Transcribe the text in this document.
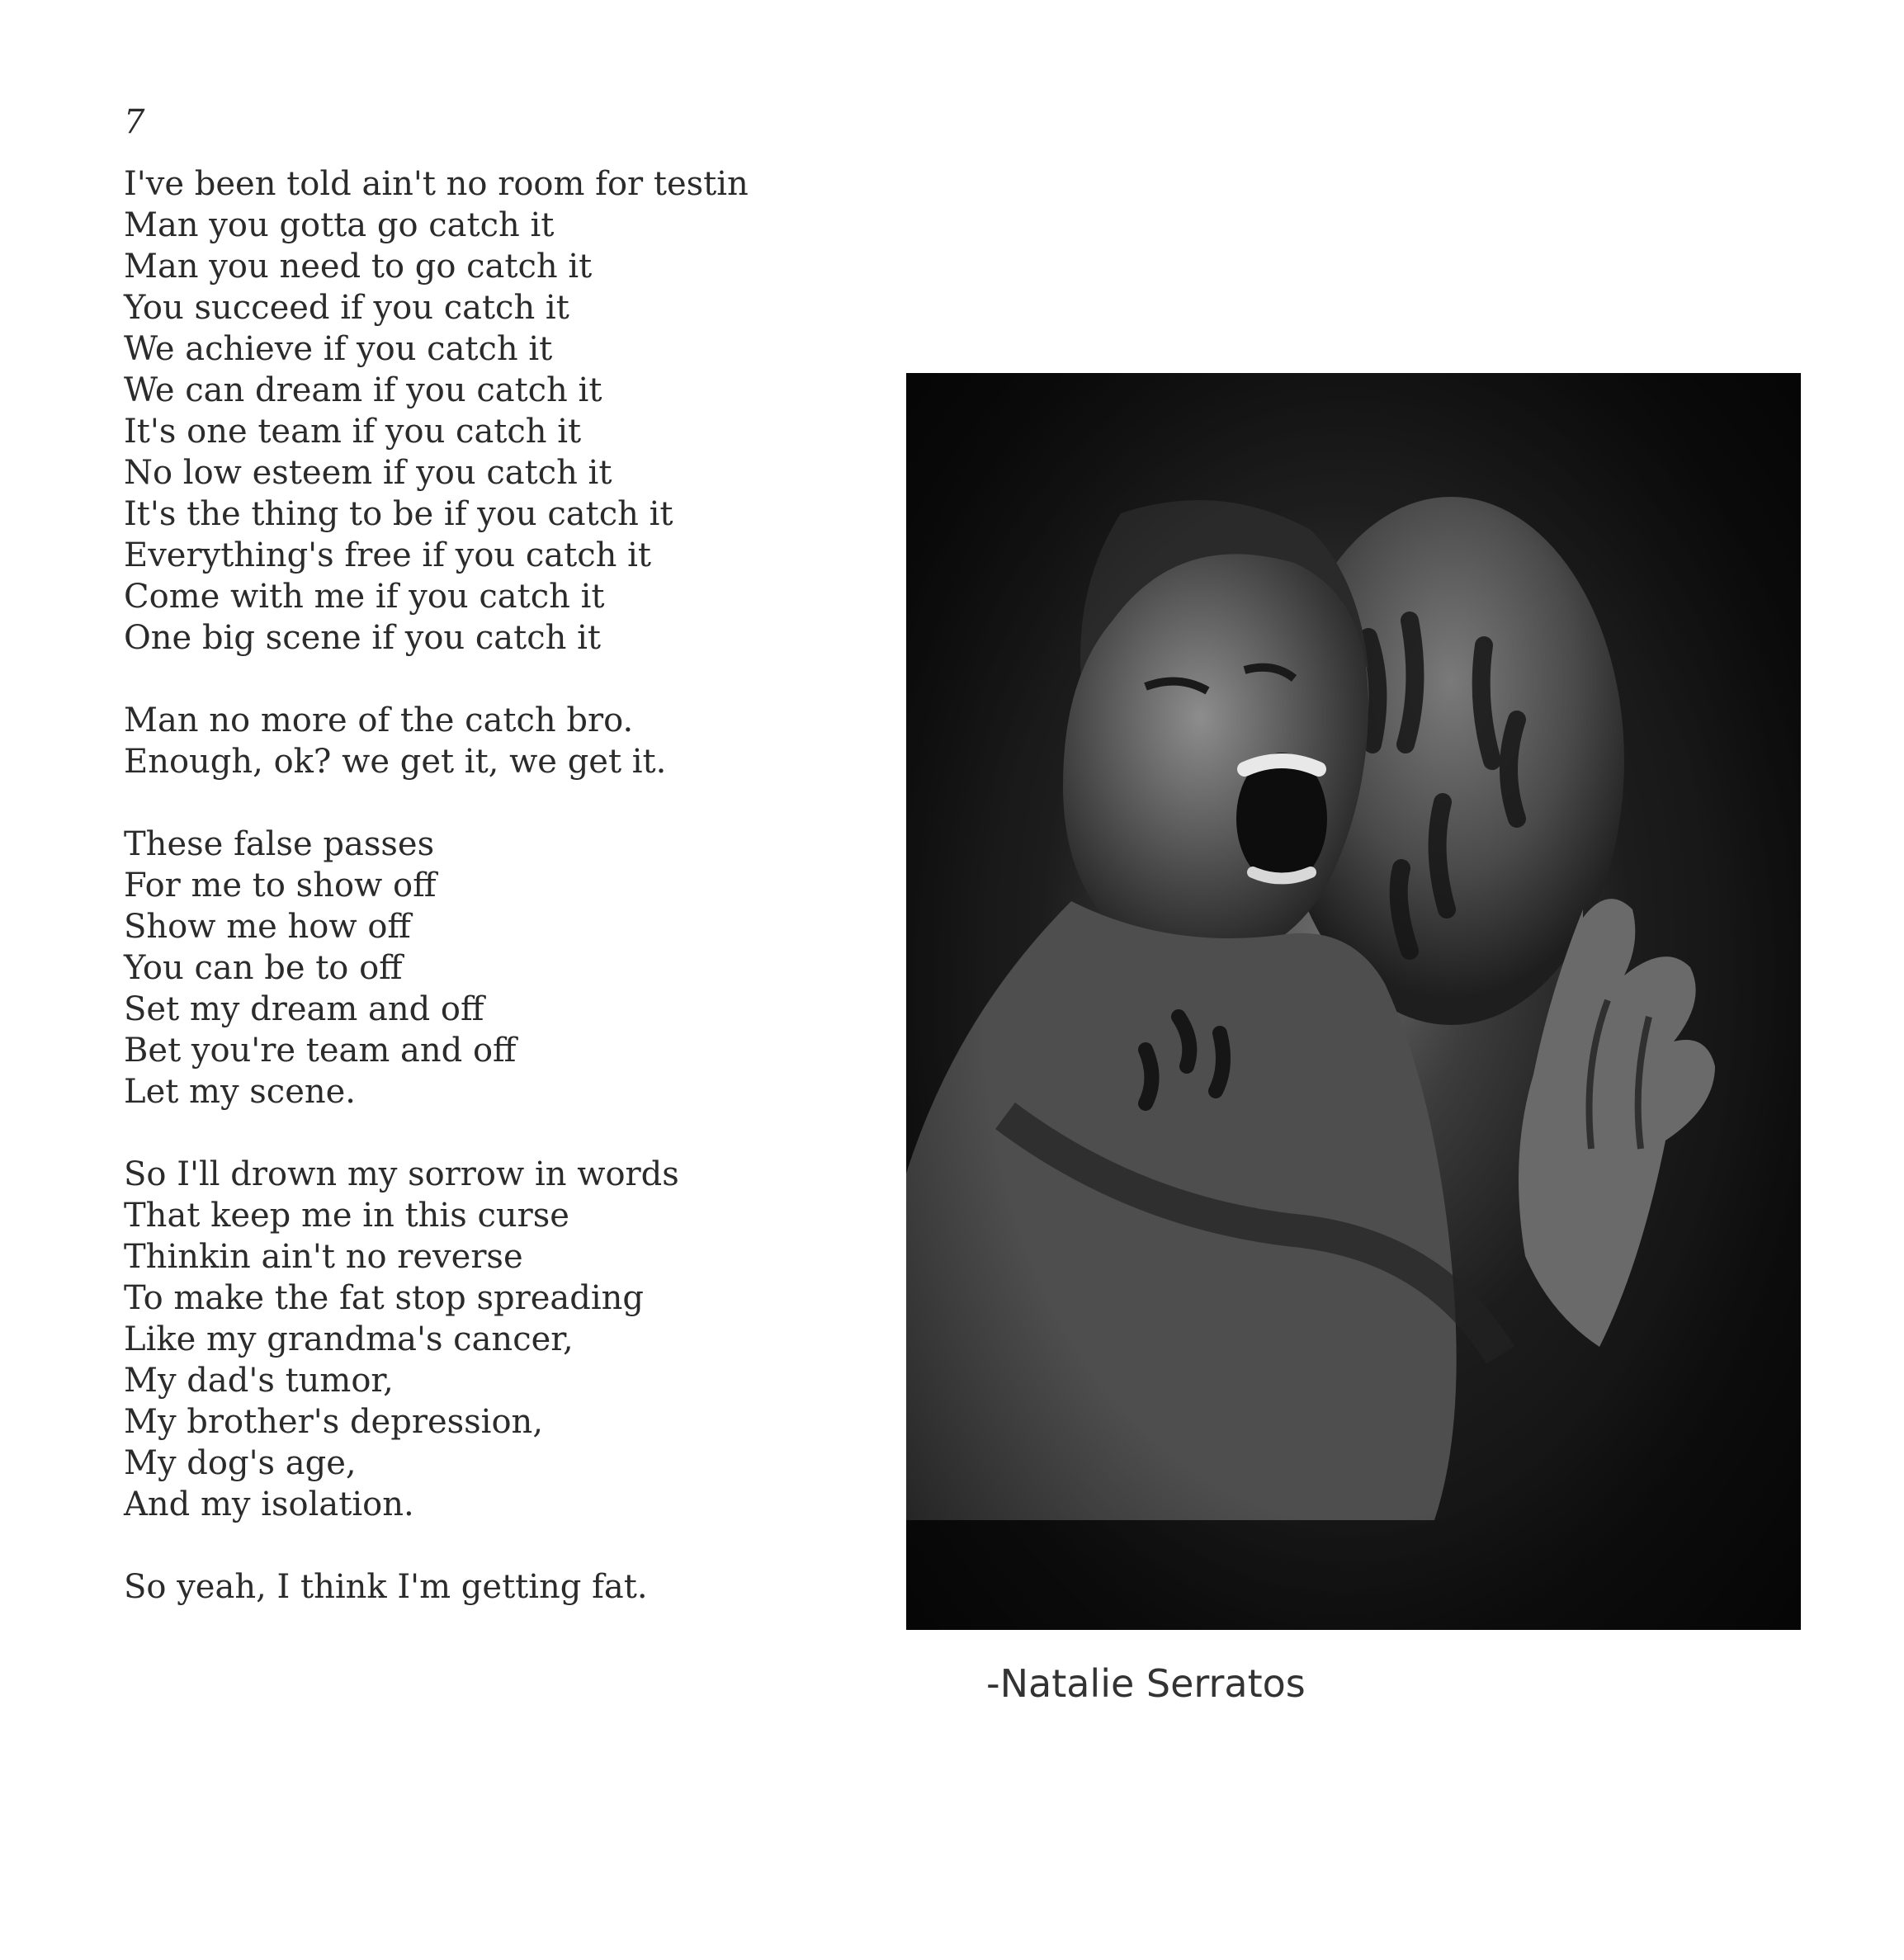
7
I've been told ain't no room for testin
Man you gotta go catch it
Man you need to go catch it
You succeed if you catch it
We achieve if you catch it
We can dream if you catch it
It's one team if you catch it
No low esteem if you catch it
It's the thing to be if you catch it
Everything's free if you catch it
Come with me if you catch it
One big scene if you catch it
Man no more of the catch bro.
Enough, ok? we get it, we get it.
These false passes
For me to show off
Show me how off
You can be to off
Set my dream and off
Bet you're team and off
Let my scene.
So I'll drown my sorrow in words
That keep me in this curse
Thinkin ain't no reverse
To make the fat stop spreading
Like my grandma's cancer,
My dad's tumor,
My brother's depression,
My dog's age,
And my isolation.
So yeah, I think I'm getting fat.
-Natalie Serratos
